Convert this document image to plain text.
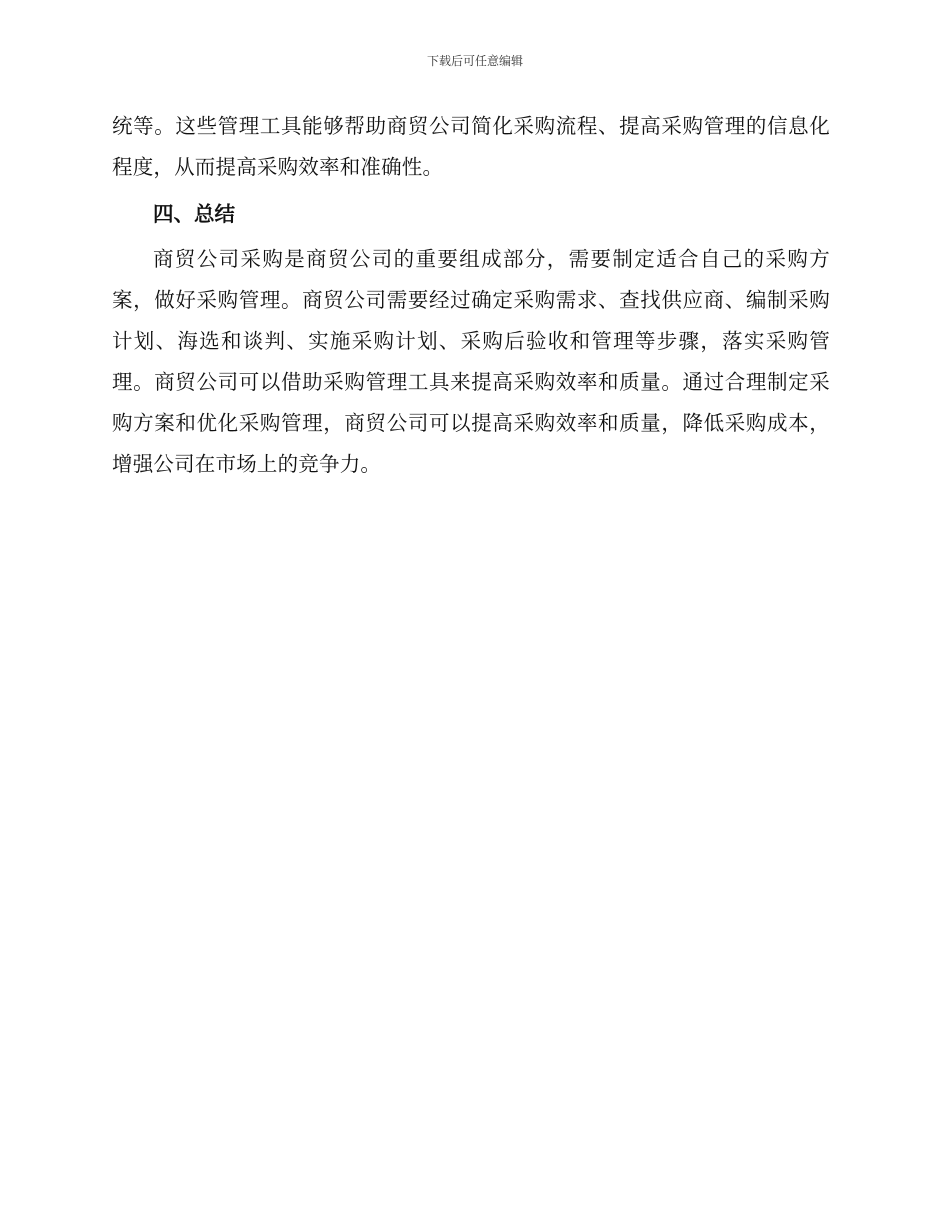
下载后可任意编辑

统等。这些管理工具能够帮助商贸公司简化采购流程、提高采购管理的信息化程度，从而提高采购效率和准确性。

四、总结

商贸公司采购是商贸公司的重要组成部分，需要制定适合自己的采购方案，做好采购管理。商贸公司需要经过确定采购需求、查找供应商、编制采购计划、海选和谈判、实施采购计划、采购后验收和管理等步骤，落实采购管理。商贸公司可以借助采购管理工具来提高采购效率和质量。通过合理制定采购方案和优化采购管理，商贸公司可以提高采购效率和质量，降低采购成本，增强公司在市场上的竞争力。
